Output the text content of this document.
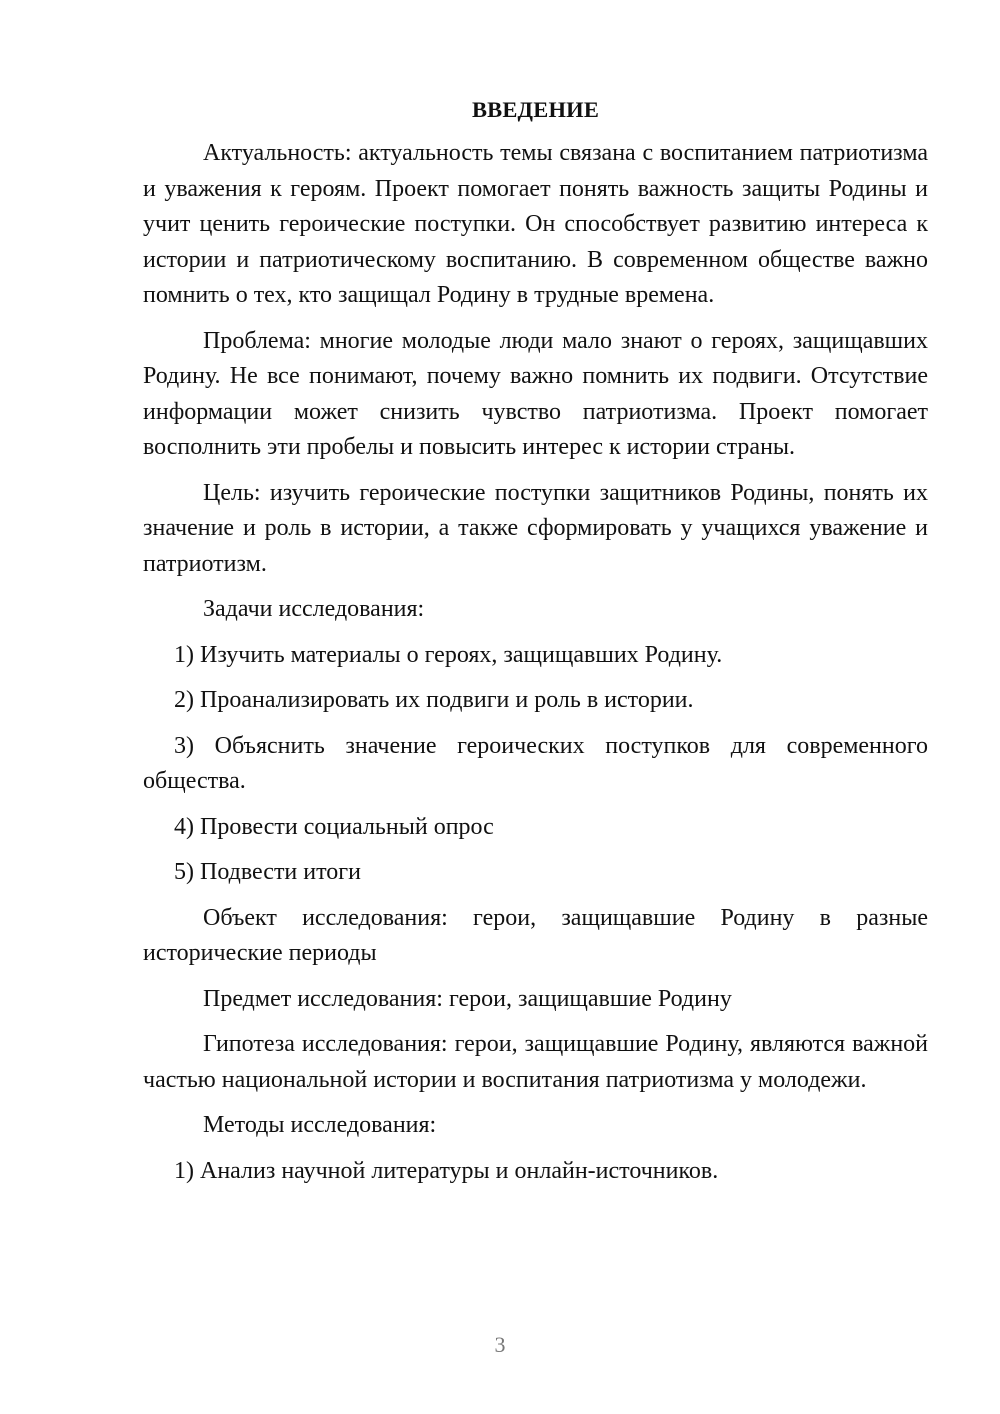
ВВЕДЕНИЕ

Актуальность: актуальность темы связана с воспитанием патриотизма и уважения к героям. Проект помогает понять важность защиты Родины и учит ценить героические поступки. Он способствует развитию интереса к истории и патриотическому воспитанию. В современном обществе важно помнить о тех, кто защищал Родину в трудные времена.

Проблема: многие молодые люди мало знают о героях, защищавших Родину. Не все понимают, почему важно помнить их подвиги. Отсутствие информации может снизить чувство патриотизма. Проект помогает восполнить эти пробелы и повысить интерес к истории страны.

Цель: изучить героические поступки защитников Родины, понять их значение и роль в истории, а также сформировать у учащихся уважение и патриотизм.

Задачи исследования:

1) Изучить материалы о героях, защищавших Родину.

2) Проанализировать их подвиги и роль в истории.

3) Объяснить значение героических поступков для современного общества.

4) Провести социальный опрос

5) Подвести итоги

Объект исследования: герои, защищавшие Родину в разные исторические периоды

Предмет исследования: герои, защищавшие Родину

Гипотеза исследования: герои, защищавшие Родину, являются важной частью национальной истории и воспитания патриотизма у молодежи.

Методы исследования:

1) Анализ научной литературы и онлайн-источников.

3
